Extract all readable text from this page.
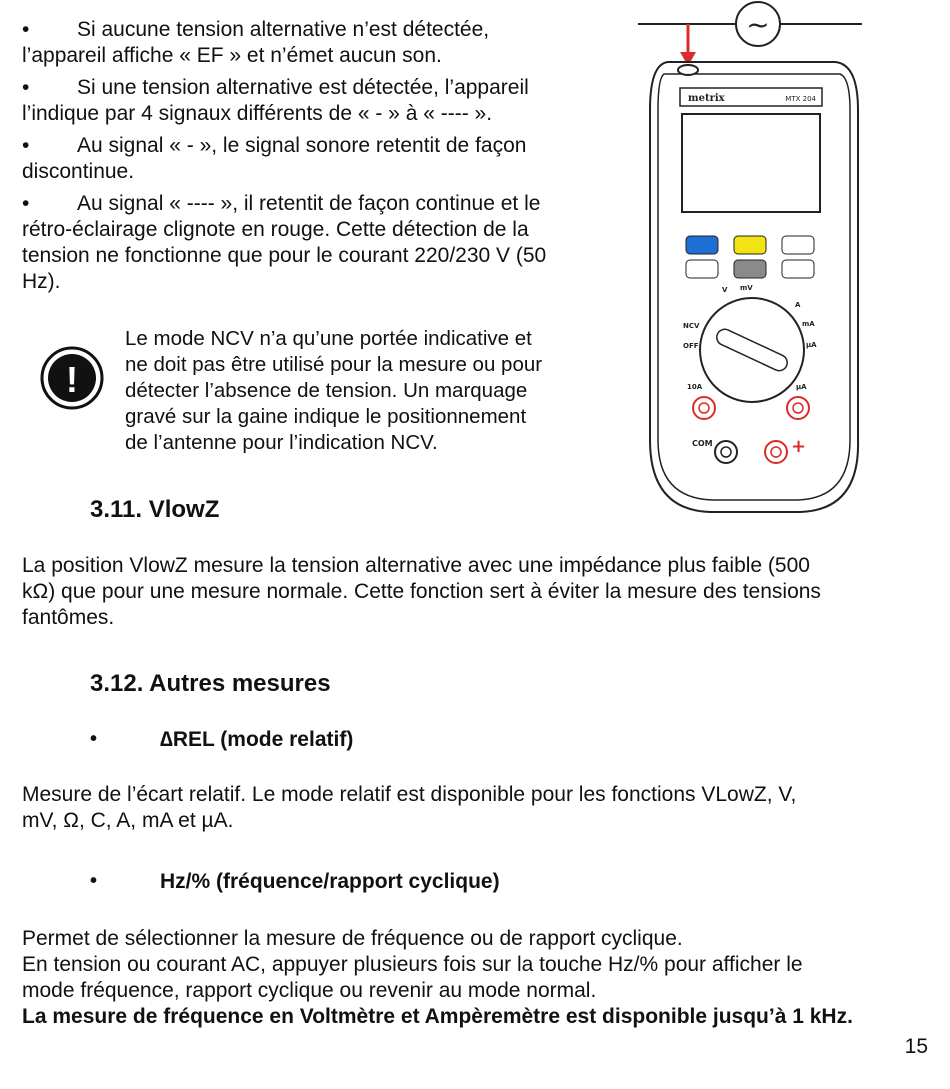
• Si aucune tension alternative n’est détectée,
l’appareil affiche « EF » et n’émet aucun son.
• Si une tension alternative est détectée, l’appareil
l’indique par 4 signaux différents de « - » à « ---- ».
• Au signal « - », le signal sonore retentit de façon
discontinue.
• Au signal « ---- », il retentit de façon continue et le
rétro-éclairage clignote en rouge. Cette détection de la
tension ne fonctionne que pour le courant 220/230 V (50
Hz).
!
Le mode NCV n’a qu’une portée indicative et
ne doit pas être utilisé pour la mesure ou pour
détecter l’absence de tension. Un marquage
gravé sur la gaine indique le positionnement
de l’antenne pour l’indication NCV.
~
metrix	MTX 204
V mV
A
mA
µA
NCV
OFF
10A	µA
COM	+
3.11. VlowZ
La position VlowZ mesure la tension alternative avec une impédance plus faible (500
kΩ) que pour une mesure normale. Cette fonction sert à éviter la mesure des tensions
fantômes.
3.12. Autres mesures
•	∆REL (mode relatif)
Mesure de l’écart relatif. Le mode relatif est disponible pour les fonctions VLowZ, V,
mV, Ω, C, A, mA et µA.
•	Hz/% (fréquence/rapport cyclique)
Permet de sélectionner la mesure de fréquence ou de rapport cyclique.
En tension ou courant AC, appuyer plusieurs fois sur la touche Hz/% pour afficher le
mode fréquence, rapport cyclique ou revenir au mode normal.
La mesure de fréquence en Voltmètre et Ampèremètre est disponible jusqu’à 1 kHz.
15
